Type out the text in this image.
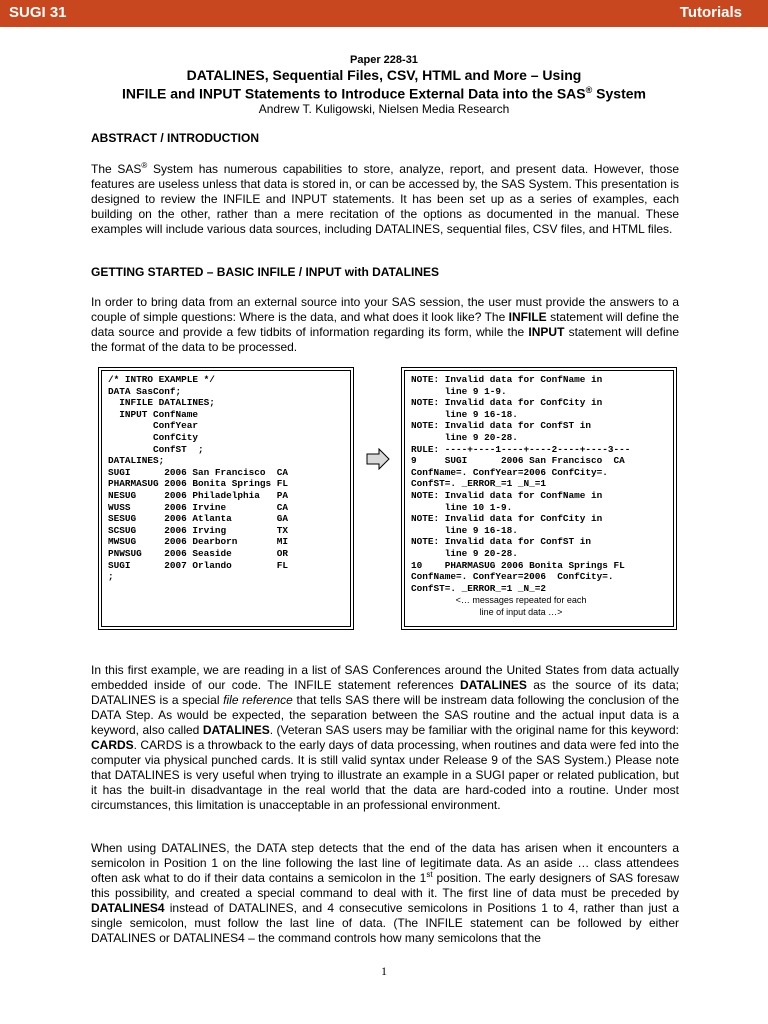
SUGI 31	Tutorials
Paper 228-31
DATALINES, Sequential Files, CSV, HTML and More – Using
INFILE and INPUT Statements to Introduce External Data into the SAS® System
Andrew T. Kuligowski, Nielsen Media Research
ABSTRACT / INTRODUCTION
The SAS® System has numerous capabilities to store, analyze, report, and present data. However, those features are useless unless that data is stored in, or can be accessed by, the SAS System. This presentation is designed to review the INFILE and INPUT statements. It has been set up as a series of examples, each building on the other, rather than a mere recitation of the options as documented in the manual. These examples will include various data sources, including DATALINES, sequential files, CSV files, and HTML files.
GETTING STARTED – BASIC INFILE / INPUT with DATALINES
In order to bring data from an external source into your SAS session, the user must provide the answers to a couple of simple questions: Where is the data, and what does it look like? The INFILE statement will define the data source and provide a few tidbits of information regarding its form, while the INPUT statement will define the format of the data to be processed.
/* INTRO EXAMPLE */
DATA SasConf;
INFILE DATALINES;
INPUT ConfName
ConfYear
ConfCity
ConfST  ;
DATALINES;
SUGI      2006 San Francisco  CA
PHARMASUG 2006 Bonita Springs FL
NESUG     2006 Philadelphia   PA
WUSS      2006 Irvine         CA
SESUG     2006 Atlanta        GA
SCSUG     2006 Irving         TX
MWSUG     2006 Dearborn       MI
PNWSUG    2006 Seaside        OR
SUGI      2007 Orlando        FL
;
NOTE: Invalid data for ConfName in
line 9 1-9.
NOTE: Invalid data for ConfCity in
line 9 16-18.
NOTE: Invalid data for ConfST in
line 9 20-28.
RULE: ----+----1----+----2----+----3---
9     SUGI      2006 San Francisco  CA
ConfName=. ConfYear=2006 ConfCity=.
ConfST=. _ERROR_=1 _N_=1
NOTE: Invalid data for ConfName in
line 10 1-9.
NOTE: Invalid data for ConfCity in
line 9 16-18.
NOTE: Invalid data for ConfST in
line 9 20-28.
10    PHARMASUG 2006 Bonita Springs FL
ConfName=. ConfYear=2006  ConfCity=.
ConfST=. _ERROR_=1 _N_=2
<… messages repeated for each
line of input data …>
In this first example, we are reading in a list of SAS Conferences around the United States from data actually embedded inside of our code. The INFILE statement references DATALINES as the source of its data; DATALINES is a special file reference that tells SAS there will be instream data following the conclusion of the DATA Step. As would be expected, the separation between the SAS routine and the actual input data is a keyword, also called DATALINES. (Veteran SAS users may be familiar with the original name for this keyword: CARDS. CARDS is a throwback to the early days of data processing, when routines and data were fed into the computer via physical punched cards. It is still valid syntax under Release 9 of the SAS System.) Please note that DATALINES is very useful when trying to illustrate an example in a SUGI paper or related publication, but it has the built-in disadvantage in the real world that the data are hard-coded into a routine. Under most circumstances, this limitation is unacceptable in an professional environment.
When using DATALINES, the DATA step detects that the end of the data has arisen when it encounters a semicolon in Position 1 on the line following the last line of legitimate data. As an aside … class attendees often ask what to do if their data contains a semicolon in the 1st position. The early designers of SAS foresaw this possibility, and created a special command to deal with it. The first line of data must be preceded by DATALINES4 instead of DATALINES, and 4 consecutive semicolons in Positions 1 to 4, rather than just a single semicolon, must follow the last line of data. (The INFILE statement can be followed by either DATALINES or DATALINES4 – the command controls how many semicolons that the
1
